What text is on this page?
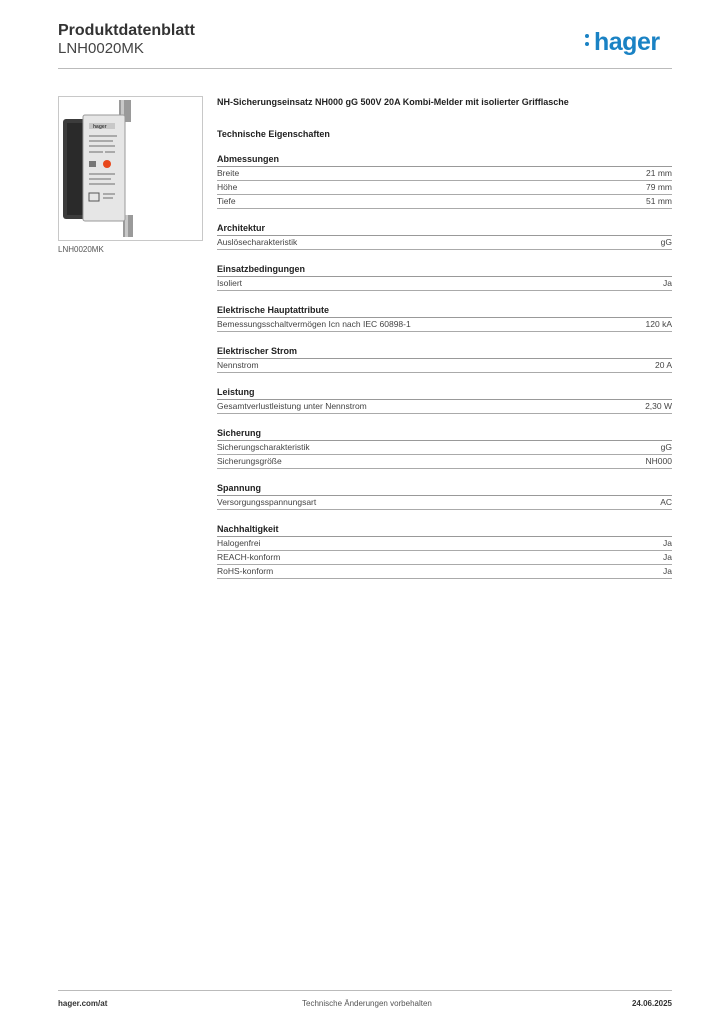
Produktdatenblatt
LNH0020MK	hager
hager
LNH0020MK

NH-Sicherungseinsatz NH000 gG 500V 20A Kombi-Melder mit isolierter Grifflasche

Technische Eigenschaften
Abmessungen
Breite	21 mm
Höhe	79 mm
Tiefe	51 mm
Architektur
Auslösecharakteristik	gG
Einsatzbedingungen
Isoliert	Ja
Elektrische Hauptattribute
Bemessungsschaltvermögen Icn nach IEC 60898-1	120 kA
Elektrischer Strom
Nennstrom	20 A
Leistung
Gesamtverlustleistung unter Nennstrom	2,30 W
Sicherung
Sicherungscharakteristik	gG
Sicherungsgröße	NH000
Spannung
Versorgungsspannungsart	AC
Nachhaltigkeit
Halogenfrei	Ja
REACH-konform	Ja
RoHS-konform	Ja
hager.com/at	Technische Änderungen vorbehalten	24.06.2025
